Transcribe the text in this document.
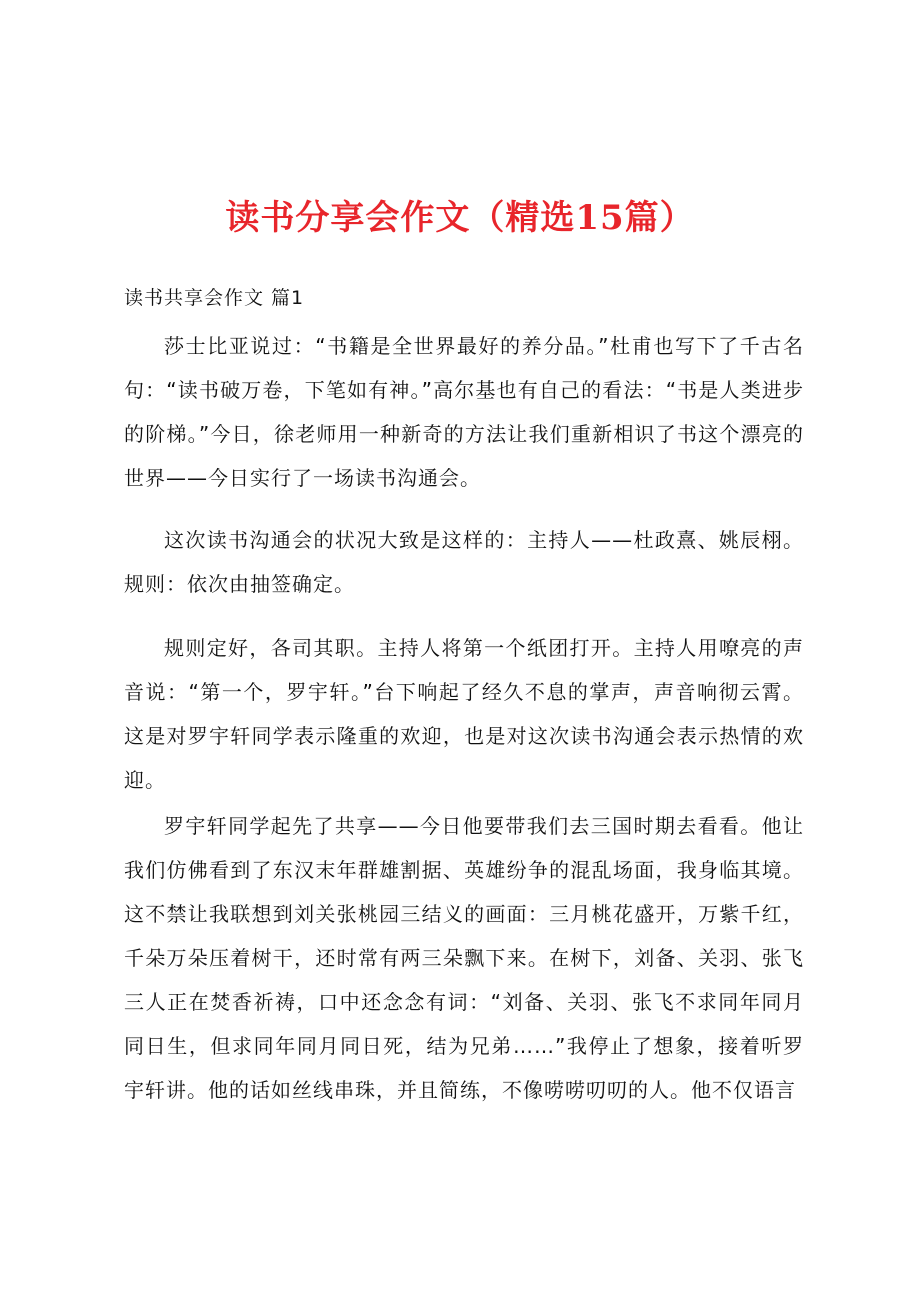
读书分享会作文（精选15篇）
读书共享会作文 篇1

莎士比亚说过：“书籍是全世界最好的养分品。”杜甫也写下了千古名句：“读书破万卷，下笔如有神。”高尔基也有自己的看法：“书是人类进步的阶梯。”今日，徐老师用一种新奇的方法让我们重新相识了书这个漂亮的世界——今日实行了一场读书沟通会。

这次读书沟通会的状况大致是这样的：主持人——杜政熹、姚辰栩。规则：依次由抽签确定。

规则定好，各司其职。主持人将第一个纸团打开。主持人用嘹亮的声音说：“第一个，罗宇轩。”台下响起了经久不息的掌声，声音响彻云霄。这是对罗宇轩同学表示隆重的欢迎，也是对这次读书沟通会表示热情的欢迎。

罗宇轩同学起先了共享——今日他要带我们去三国时期去看看。他让我们仿佛看到了东汉末年群雄割据、英雄纷争的混乱场面，我身临其境。这不禁让我联想到刘关张桃园三结义的画面：三月桃花盛开，万紫千红，千朵万朵压着树干，还时常有两三朵飘下来。在树下，刘备、关羽、张飞三人正在焚香祈祷，口中还念念有词：“刘备、关羽、张飞不求同年同月同日生，但求同年同月同日死，结为兄弟……”我停止了想象，接着听罗宇轩讲。他的话如丝线串珠，并且简练，不像唠唠叨叨的人。他不仅语言
